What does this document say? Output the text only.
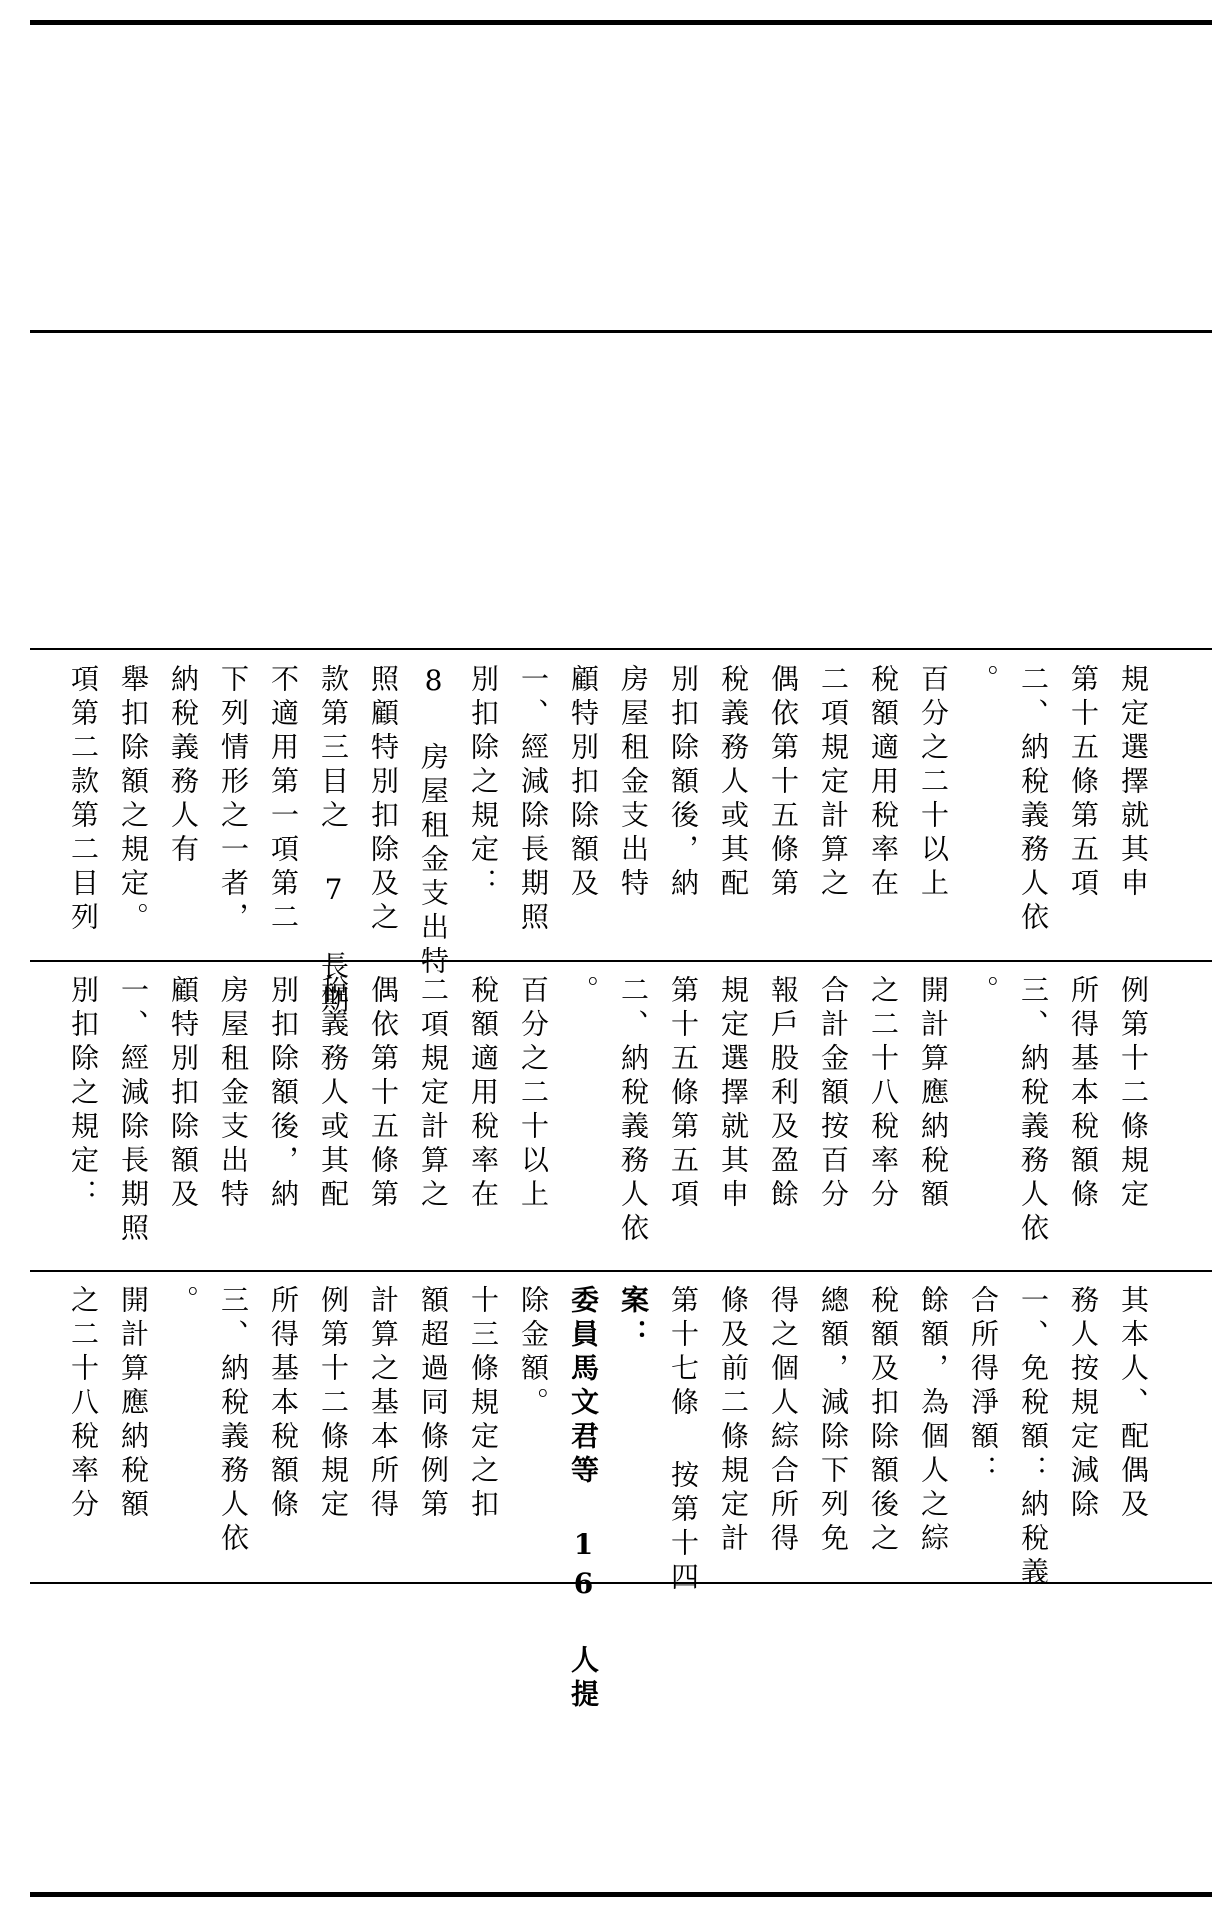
項第二款第二目列 舉扣除額之規定。 納稅義務人有 下列情形之一者， 不適用第一項第二 款第三目之 7 長期 照顧特別扣除及之 8 房屋租金支出特 別扣除之規定： 一、經減除長期照 顧特別扣除額及 房屋租金支出特 別扣除額後，納 稅義務人或其配 偶依第十五條第 二項規定計算之 稅額適用稅率在 百分之二十以上 。 二、納稅義務人依 第十五條第五項 規定選擇就其申
別扣除之規定： 一、經減除長期照 顧特別扣除額及 房屋租金支出特 別扣除額後，納 稅義務人或其配 偶依第十五條第 二項規定計算之 稅額適用稅率在 百分之二十以上 。 二、納稅義務人依 第十五條第五項 規定選擇就其申 報戶股利及盈餘 合計金額按百分 之二十八稅率分 開計算應納稅額 。 三、納稅義務人依 所得基本稅額條 例第十二條規定
之二十八稅率分 開計算應納稅額 。 三、納稅義務人依 所得基本稅額條 例第十二條規定 計算之基本所得 額超過同條例第 十三條規定之扣 除金額。 委員馬文君等 16 人提 案： 第十七條 按第十四 條及前二條規定計 得之個人綜合所得 總額，減除下列免 稅額及扣除額後之 餘額，為個人之綜 合所得淨額： 一、免稅額：納稅義 務人按規定減除 其本人、配偶及
